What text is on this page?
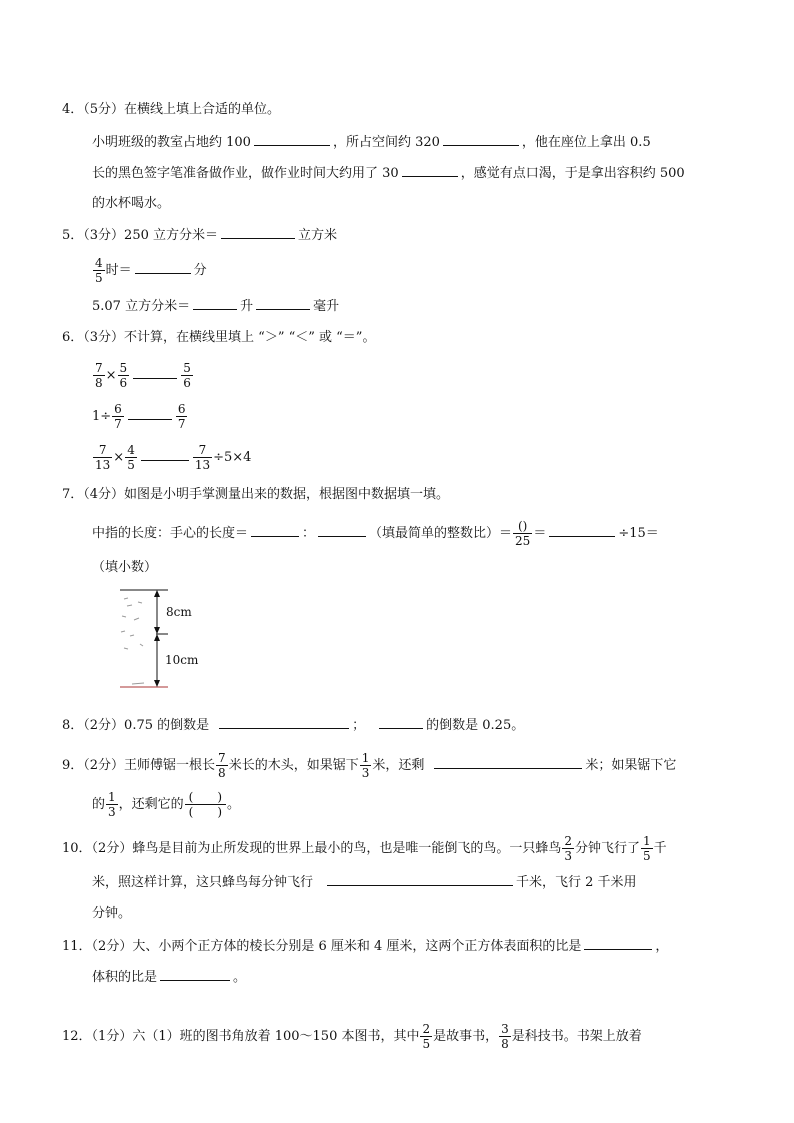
4．（5分）在横线上填上合适的单位。
小明班级的教室占地约 100	，所占空间约 320	，他在座位上拿出 0.5
长的黑色签字笔准备做作业，做作业时间大约用了 30	，感觉有点口渴，于是拿出容积约 500
的水杯喝水。
5．（3分）250 立方分米＝	立方米
$\frac{4}{5}$ 时＝	分
5.07 立方分米＝	升	毫升
6．（3分）不计算，在横线里填上 “＞” “＜” 或 “＝”。
$\frac{7}{8} \times \frac{5}{6}$	$\frac{5}{6}$
$1\div \frac{6}{7}$	$\frac{6}{7}$
$\frac{7}{13} \times \frac{4}{5}$	$\frac{7}{13} \div 5\times 4$
7．（4分）如图是小明手掌测量出来的数据，根据图中数据填一填。
中指的长度：手心的长度＝	：	（填最简单的整数比）＝ $\frac{()}{25}$ ＝	÷15＝
（填小数）
8cm
10cm
8．（2分）0.75 的倒数是	；	的倒数是 0.25。
9．（2分）王师傅锯一根长 $\frac{7}{8}$ 米长的木头，如果锯下 $\frac{1}{3}$ 米，还剩	米；如果锯下它
的 $\frac{1}{3}$ ，还剩它的 $\frac{( )}{( )}$ 。
10．（2分）蜂鸟是目前为止所发现的世界上最小的鸟，也是唯一能倒飞的鸟。一只蜂鸟 $\frac{2}{3}$ 分钟飞行了 $\frac{1}{5}$ 千
米，照这样计算，这只蜂鸟每分钟飞行	千米，飞行 2 千米用
分钟。
11．（2分）大、小两个正方体的棱长分别是 6 厘米和 4 厘米，这两个正方体表面积的比是	，
体积的比是	。
12．（1分）六（1）班的图书角放着 100～150 本图书，其中 $\frac{2}{5}$ 是故事书， $\frac{3}{8}$ 是科技书。书架上放着
